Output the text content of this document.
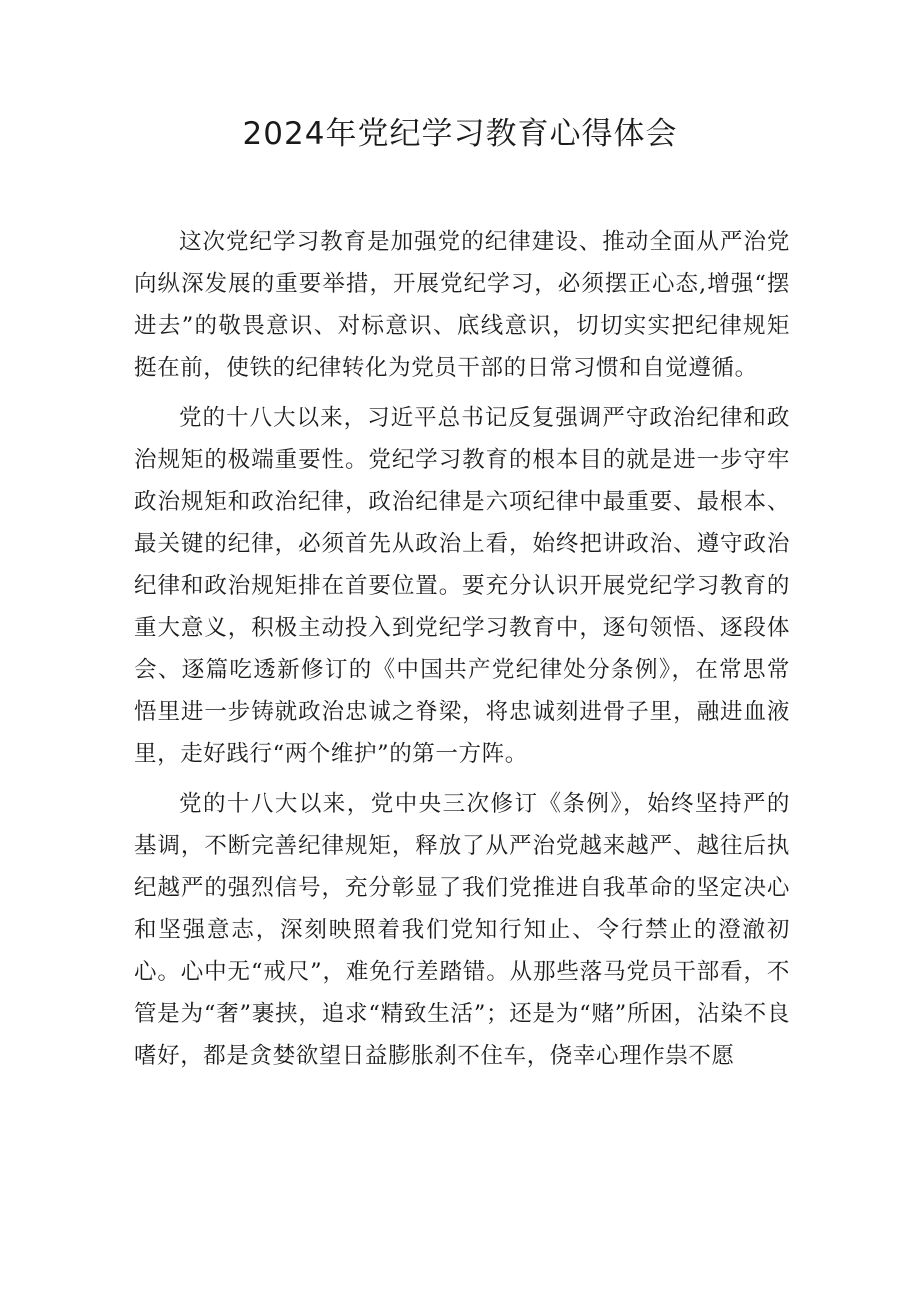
2024年党纪学习教育心得体会

这次党纪学习教育是加强党的纪律建设、推动全面从严治党向纵深发展的重要举措，开展党纪学习，必须摆正心态,增强“摆进去”的敬畏意识、对标意识、底线意识，切切实实把纪律规矩挺在前，使铁的纪律转化为党员干部的日常习惯和自觉遵循。

党的十八大以来，习近平总书记反复强调严守政治纪律和政治规矩的极端重要性。党纪学习教育的根本目的就是进一步守牢政治规矩和政治纪律，政治纪律是六项纪律中最重要、最根本、最关键的纪律，必须首先从政治上看，始终把讲政治、遵守政治纪律和政治规矩排在首要位置。要充分认识开展党纪学习教育的重大意义，积极主动投入到党纪学习教育中，逐句领悟、逐段体会、逐篇吃透新修订的《中国共产党纪律处分条例》，在常思常悟里进一步铸就政治忠诚之脊梁，将忠诚刻进骨子里，融进血液里，走好践行“两个维护”的第一方阵。

党的十八大以来，党中央三次修订《条例》，始终坚持严的基调，不断完善纪律规矩，释放了从严治党越来越严、越往后执纪越严的强烈信号，充分彰显了我们党推进自我革命的坚定决心和坚强意志，深刻映照着我们党知行知止、令行禁止的澄澈初心。心中无“戒尺”，难免行差踏错。从那些落马党员干部看，不管是为“奢”裹挟，追求“精致生活”；还是为“赌”所困，沾染不良嗜好，都是贪婪欲望日益膨胀刹不住车，侥幸心理作祟不愿
